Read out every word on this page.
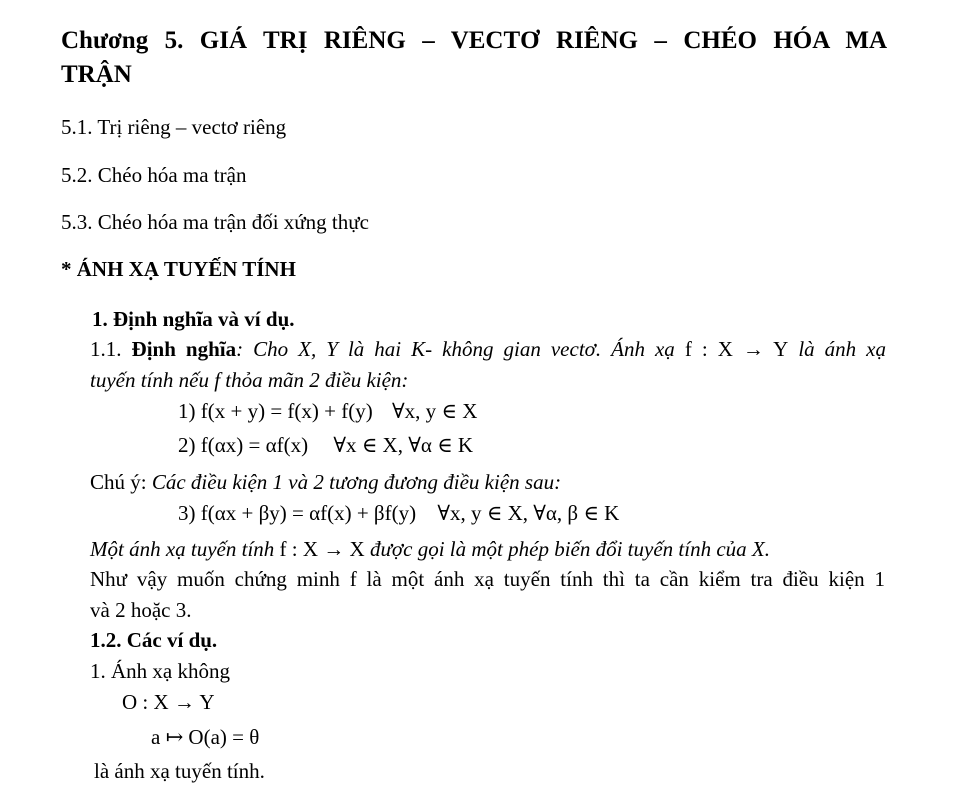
Chương 5. GIÁ TRỊ RIÊNG – VECTƠ RIÊNG – CHÉO HÓA MA TRẬN
5.1. Trị riêng – vectơ riêng
5.2. Chéo hóa ma trận
5.3. Chéo hóa ma trận đối xứng thực
* ÁNH XẠ TUYẾN TÍNH
1. Định nghĩa và ví dụ.
1.1. Định nghĩa: Cho X, Y là hai K- không gian vectơ. Ánh xạ f : X → Y là ánh xạ
tuyến tính nếu f thỏa mãn 2 điều kiện:
1) f(x + y) = f(x) + f(y) ∀x, y ∈ X
2) f(αx) = αf(x) ∀x ∈ X, ∀α ∈ K
Chú ý: Các điều kiện 1 và 2 tương đương điều kiện sau:
3) f(αx + βy) = αf(x) + βf(y) ∀x, y ∈ X, ∀α, β ∈ K
Một ánh xạ tuyến tính f : X → X được gọi là một phép biến đổi tuyến tính của X.
Như vậy muốn chứng minh f là một ánh xạ tuyến tính thì ta cần kiểm tra điều kiện 1
và 2 hoặc 3.
1.2. Các ví dụ.
1. Ánh xạ không
O : X → Y
a ↦ O(a) = θ
là ánh xạ tuyến tính.
